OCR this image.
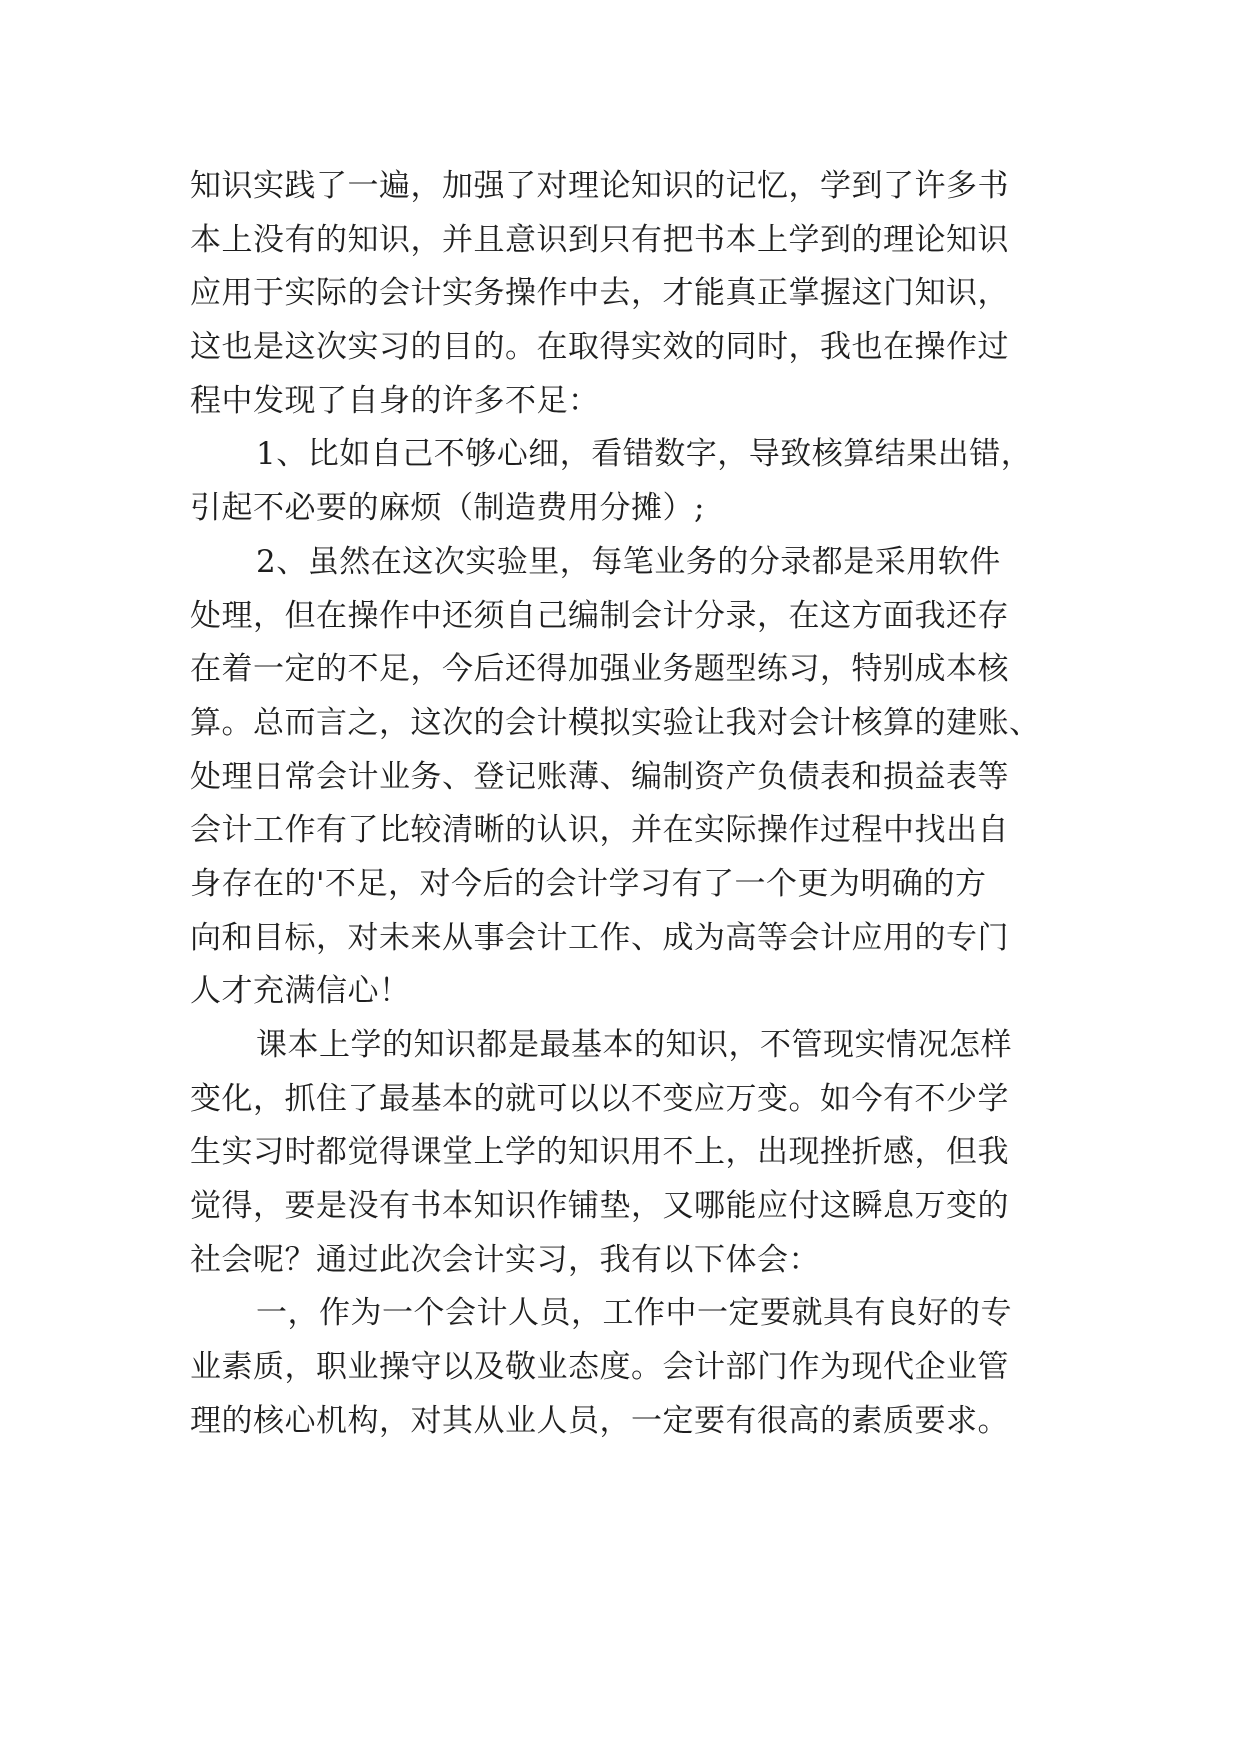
知识实践了一遍，加强了对理论知识的记忆，学到了许多书
本上没有的知识，并且意识到只有把书本上学到的理论知识
应用于实际的会计实务操作中去，才能真正掌握这门知识，
这也是这次实习的目的。在取得实效的同时，我也在操作过
程中发现了自身的许多不足：
1、比如自己不够心细，看错数字，导致核算结果出错，
引起不必要的麻烦（制造费用分摊）;
2、虽然在这次实验里，每笔业务的分录都是采用软件
处理，但在操作中还须自己编制会计分录，在这方面我还存
在着一定的不足，今后还得加强业务题型练习，特别成本核
算。总而言之，这次的会计模拟实验让我对会计核算的建账、
处理日常会计业务、登记账薄、编制资产负债表和损益表等
会计工作有了比较清晰的认识，并在实际操作过程中找出自
身存在的'不足，对今后的会计学习有了一个更为明确的方
向和目标，对未来从事会计工作、成为高等会计应用的专门
人才充满信心！
课本上学的知识都是最基本的知识，不管现实情况怎样
变化，抓住了最基本的就可以以不变应万变。如今有不少学
生实习时都觉得课堂上学的知识用不上，出现挫折感，但我
觉得，要是没有书本知识作铺垫，又哪能应付这瞬息万变的
社会呢？通过此次会计实习，我有以下体会：
一，作为一个会计人员，工作中一定要就具有良好的专
业素质，职业操守以及敬业态度。会计部门作为现代企业管
理的核心机构，对其从业人员，一定要有很高的素质要求。
